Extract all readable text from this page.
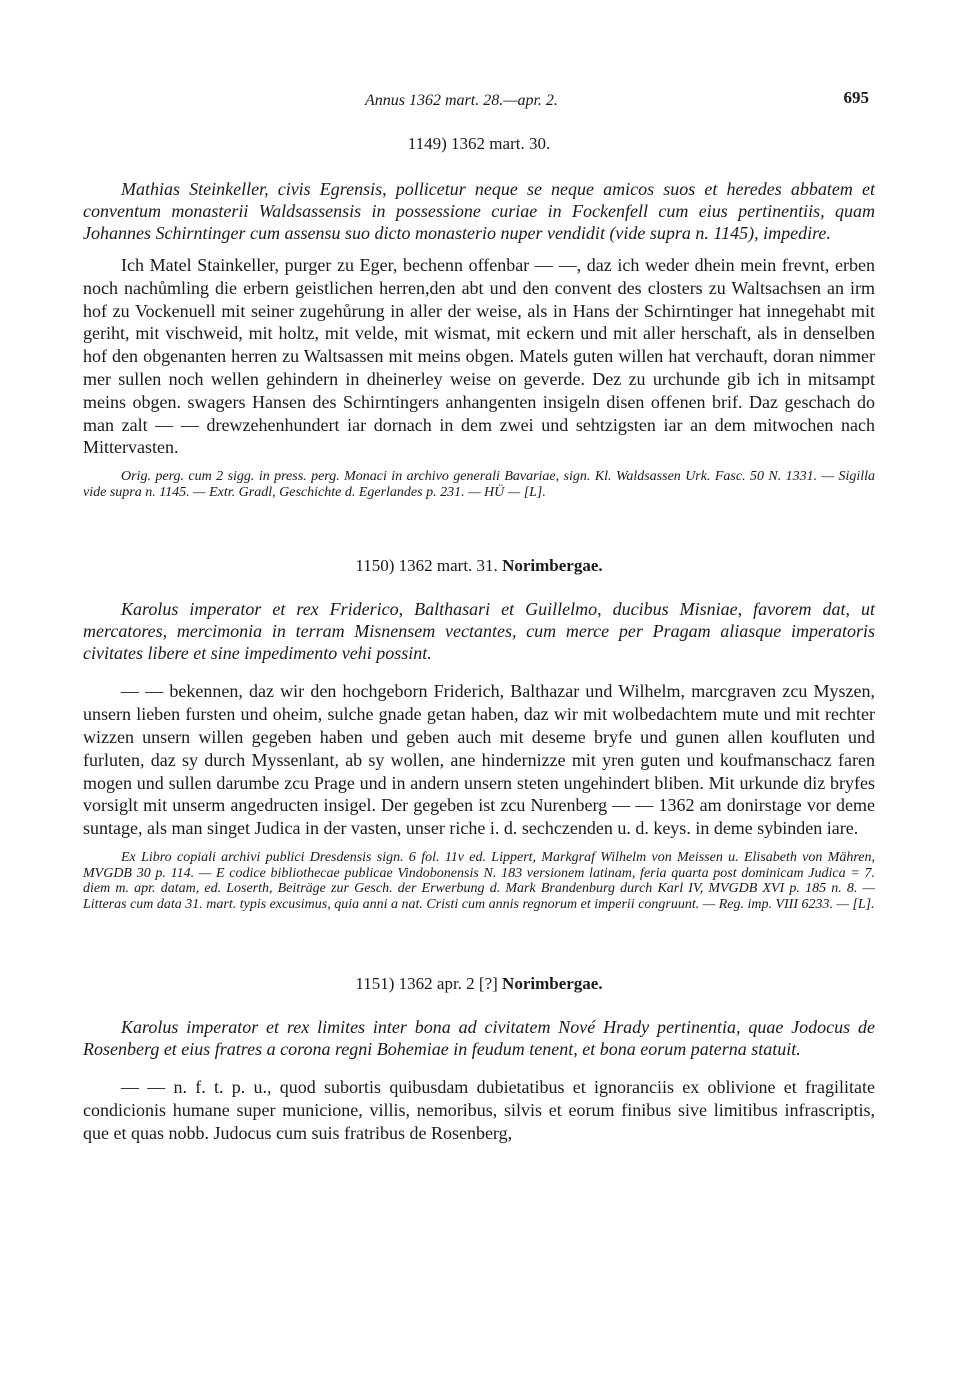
Annus 1362 mart. 28.—apr. 2.	695

1149) 1362 mart. 30.

Mathias Steinkeller, civis Egrensis, pollicetur neque se neque amicos suos et heredes abbatem et conventum monasterii Waldsassensis in possessione curiae in Fockenfell cum eius pertinentiis, quam Johannes Schirntinger cum assensu suo dicto monasterio nuper vendidit (vide supra n. 1145), impedire.

Ich Matel Stainkeller, purger zu Eger, bechenn offenbar — —, daz ich weder dhein mein frevnt, erben noch nachůmling die erbern geistlichen herren,den abt und den convent des closters zu Waltsachsen an irm hof zu Vockenuell mit seiner zugehůrung in aller der weise, als in Hans der Schirntinger hat innegehabt mit geriht, mit vischweid, mit holtz, mit velde, mit wismat, mit eckern und mit aller herschaft, als in denselben hof den obgenanten herren zu Waltsassen mit meins obgen. Matels guten willen hat verchauft, doran nimmer mer sullen noch wellen gehindern in dheinerley weise on geverde. Dez zu urchunde gib ich in mitsampt meins obgen. swagers Hansen des Schirntingers anhangenten insigeln disen offenen brif. Daz geschach do man zalt — — drewzehenhundert iar dornach in dem zwei und sehtzigsten iar an dem mitwochen nach Mittervasten.

Orig. perg. cum 2 sigg. in press. perg. Monaci in archivo generali Bavariae, sign. Kl. Waldsassen Urk. Fasc. 50 N. 1331. — Sigilla vide supra n. 1145. — Extr. Gradl, Geschichte d. Egerlandes p. 231. — HÜ — [L].

1150) 1362 mart. 31. Norimbergae.

Karolus imperator et rex Friderico, Balthasari et Guillelmo, ducibus Misniae, favorem dat, ut mercatores, mercimonia in terram Misnensem vectantes, cum merce per Pragam aliasque imperatoris civitates libere et sine impedimento vehi possint.

— — bekennen, daz wir den hochgeborn Friderich, Balthazar und Wilhelm, marcgraven zcu Myszen, unsern lieben fursten und oheim, sulche gnade getan haben, daz wir mit wolbedachtem mute und mit rechter wizzen unsern willen gegeben haben und geben auch mit deseme bryfe und gunen allen koufluten und furluten, daz sy durch Myssenlant, ab sy wollen, ane hindernizze mit yren guten und koufmanschacz faren mogen und sullen darumbe zcu Prage und in andern unsern steten ungehindert bliben. Mit urkunde diz bryfes vorsiglt mit unserm angedructen insigel. Der gegeben ist zcu Nurenberg — — 1362 am donirstage vor deme suntage, als man singet Judica in der vasten, unser riche i. d. sechczenden u. d. keys. in deme sybinden iare.

Ex Libro copiali archivi publici Dresdensis sign. 6 fol. 11v ed. Lippert, Markgraf Wilhelm von Meissen u. Elisabeth von Mähren, MVGDB 30 p. 114. — E codice bibliothecae publicae Vindobonensis N. 183 versionem latinam, feria quarta post dominicam Judica = 7. diem m. apr. datam, ed. Loserth, Beiträge zur Gesch. der Erwerbung d. Mark Brandenburg durch Karl IV, MVGDB XVI p. 185 n. 8. — Litteras cum data 31. mart. typis excusimus, quia anni a nat. Cristi cum annis regnorum et imperii congruunt. — Reg. imp. VIII 6233. — [L].

1151) 1362 apr. 2 [?] Norimbergae.

Karolus imperator et rex limites inter bona ad civitatem Nové Hrady pertinentia, quae Jodocus de Rosenberg et eius fratres a corona regni Bohemiae in feudum tenent, et bona eorum paterna statuit.

— — n. f. t. p. u., quod subortis quibusdam dubietatibus et ignoranciis ex oblivione et fragilitate condicionis humane super municione, villis, nemoribus, silvis et eorum finibus sive limitibus infrascriptis, que et quas nobb. Judocus cum suis fratribus de Rosenberg,
